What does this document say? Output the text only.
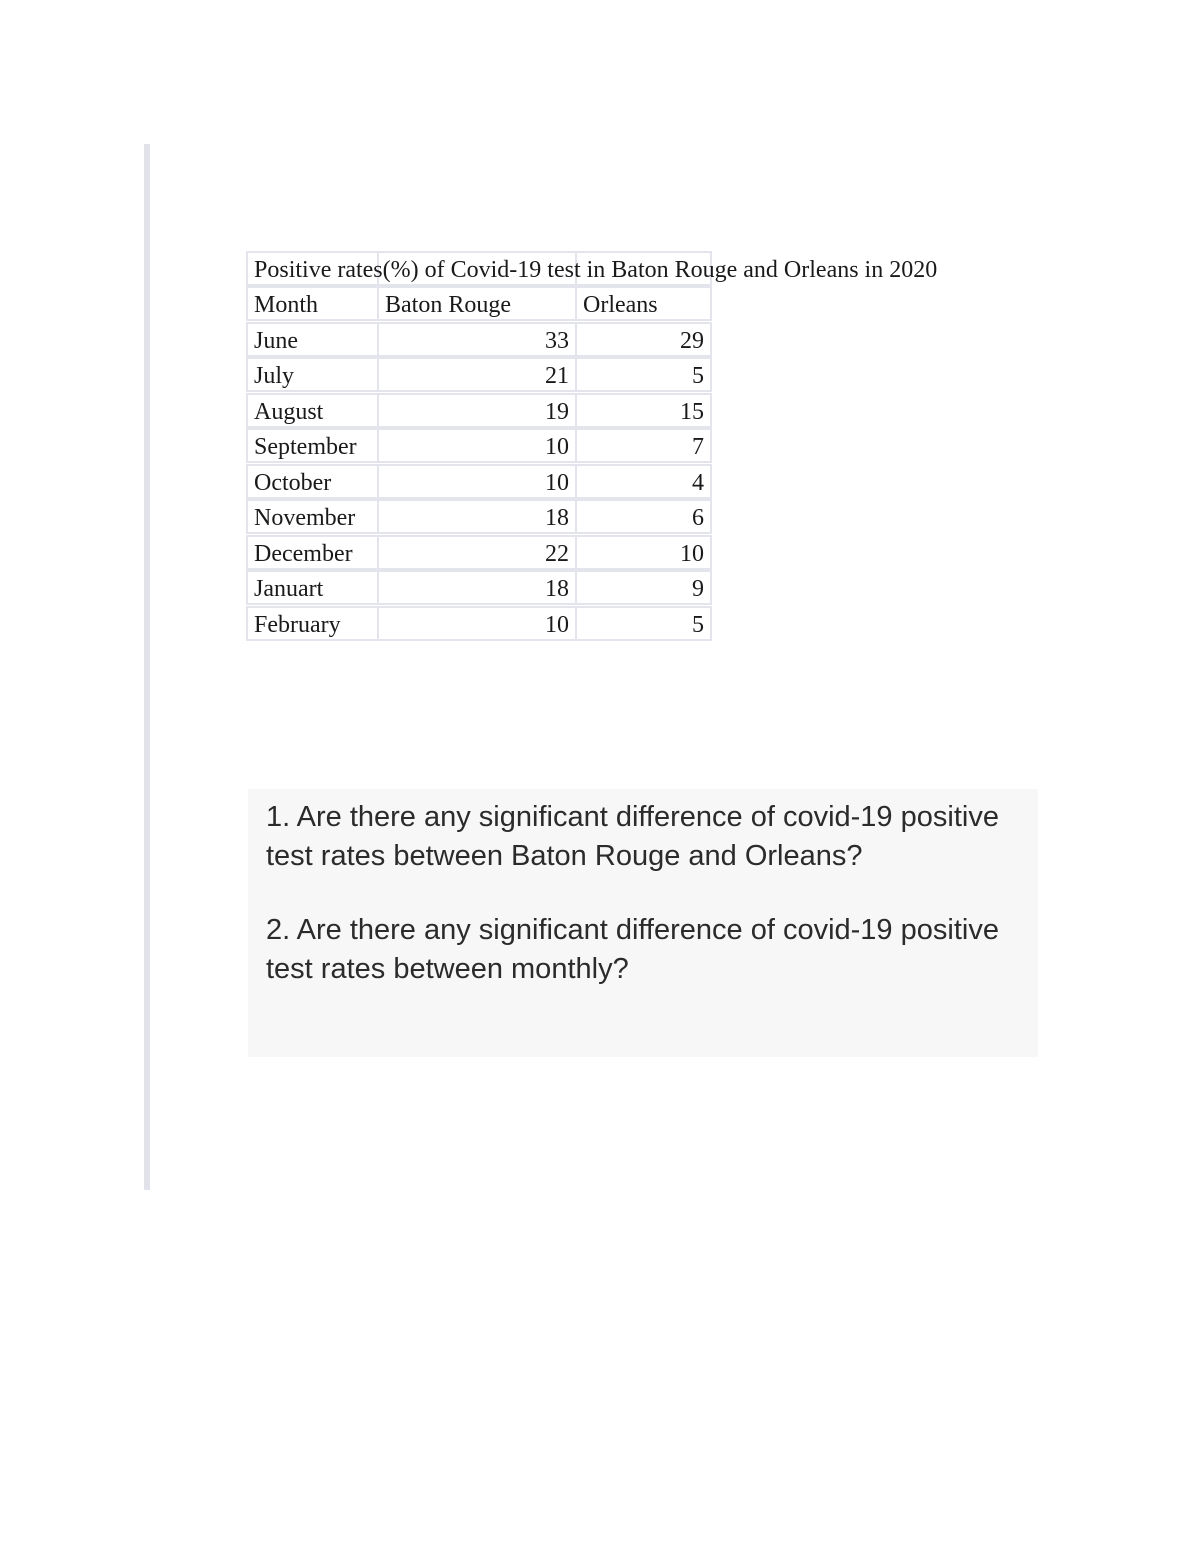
Positive rates(%) of Covid-19 test in Baton Rouge and Orleans in 2020
Month	Baton Rouge	Orleans
June	33	29
July	21	5
August	19	15
September	10	7
October	10	4
November	18	6
December	22	10
Januart	18	9
February	10	5

1. Are there any significant difference of covid-19 positive test rates between Baton Rouge and Orleans?

2. Are there any significant difference of covid-19 positive test rates between monthly?
